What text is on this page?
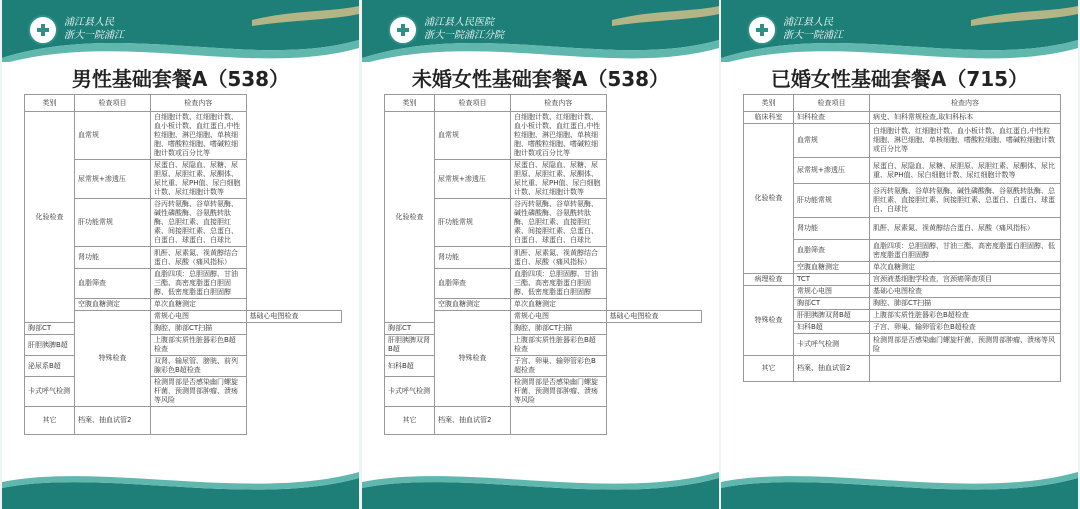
浦江县人民
浙大一院浦江
男性基础套餐A（538）
类别	检查项目	检查内容	
化验检查	血常规	白细胞计数、红细胞计数、血小板计数、血红蛋白,中性粒细胞、淋巴细胞、单核细胞、嗜酸粒细胞、嗜碱粒细胞计数或百分比等	
	尿常规+渗透压	尿蛋白、尿隐血、尿糖、尿胆原、尿胆红素、尿酮体、尿比重、尿PH值、尿白细胞计数、尿红细胞计数等	
	肝功能常规	谷丙转氨酶、谷草转氨酶、碱性磷酸酶、谷氨酰转肽酶、总胆红素、直接胆红素、间接胆红素、总蛋白、白蛋白、球蛋白、白球比	
	肾功能	肌酐、尿素氮、视黄醇结合蛋白、尿酸（痛风指标）	
	血脂筛查	血脂四项：总胆固醇、甘油三酯、高密度脂蛋白胆固醇、低密度脂蛋白胆固醇	
	空腹血糖测定	单次血糖测定	
	特殊检查	常规心电图	基础心电图检查
胸部CT		胸腔、肺部CT扫描	
肝胆胰脾B超		上腹部实质性脏器彩色B超检查	
泌尿系B超		双肾、输尿管、膀胱、前列腺彩色B超检查	
卡式呼气检测		检测胃部是否感染幽门螺旋杆菌，预测胃部肿瘤、溃疡等风险	
其它	档案、抽血试管2		
浦江县人民医院
浙大一院浦江分院
未婚女性基础套餐A（538）
类别	检查项目	检查内容	
化验检查	血常规	白细胞计数、红细胞计数、血小板计数、血红蛋白,中性粒细胞、淋巴细胞、单核细胞、嗜酸粒细胞、嗜碱粒细胞计数或百分比等	
	尿常规+渗透压	尿蛋白、尿隐血、尿糖、尿胆原、尿胆红素、尿酮体、尿比重、尿PH值、尿白细胞计数、尿红细胞计数等	
	肝功能常规	谷丙转氨酶、谷草转氨酶、碱性磷酸酶、谷氨酰转肽酶、总胆红素、直接胆红素、间接胆红素、总蛋白、白蛋白、球蛋白、白球比	
	肾功能	肌酐、尿素氮、视黄醇结合蛋白、尿酸（痛风指标）	
	血脂筛查	血脂四项：总胆固醇、甘油三酯、高密度脂蛋白胆固醇、低密度脂蛋白胆固醇	
	空腹血糖测定	单次血糖测定	
	特殊检查	常规心电图	基础心电图检查
胸部CT		胸腔、肺部CT扫描	
肝胆胰脾双肾B超		上腹部实质性脏器彩色B超检查	
妇科B超		子宫、卵巢、输卵管彩色B超检查	
卡式呼气检测		检测胃部是否感染幽门螺旋杆菌，预测胃部肿瘤、溃疡等风险	
其它	档案、抽血试管2		
浦江县人民
浙大一院浦江
已婚女性基础套餐A（715）
类别	检查项目	检查内容
临床科室	妇科检查	病史、妇科常规检查,取妇科标本
化验检查	血常规	白细胞计数、红细胞计数、血小板计数、血红蛋白,中性粒细胞、淋巴细胞、单核细胞、嗜酸粒细胞、嗜碱粒细胞计数或百分比等
	尿常规+渗透压	尿蛋白、尿隐血、尿糖、尿胆原、尿胆红素、尿酮体、尿比重、尿PH值、尿白细胞计数、尿红细胞计数等
	肝功能常规	谷丙转氨酶、谷草转氨酶、碱性磷酸酶、谷氨酰转肽酶、总胆红素、直接胆红素、间接胆红素、总蛋白、白蛋白、球蛋白、白球比
	肾功能	肌酐、尿素氮、视黄醇结合蛋白、尿酸（痛风指标）
	血脂筛查	血脂四项：总胆固醇、甘油三酯、高密度脂蛋白胆固醇、低密度脂蛋白胆固醇
	空腹血糖测定	单次血糖测定
病理检查	TCT	宫颈液基细胞学检查，宫颈癌筛查项目
特殊检查	常规心电图	基础心电图检查
	胸部CT	胸腔、肺部CT扫描
	肝胆胰脾双肾B超	上腹部实质性脏器彩色B超检查
	妇科B超	子宫、卵巢、输卵管彩色B超检查
	卡式呼气检测	检测胃部是否感染幽门螺旋杆菌，预测胃部肿瘤、溃疡等风险
其它	档案、抽血试管2	
